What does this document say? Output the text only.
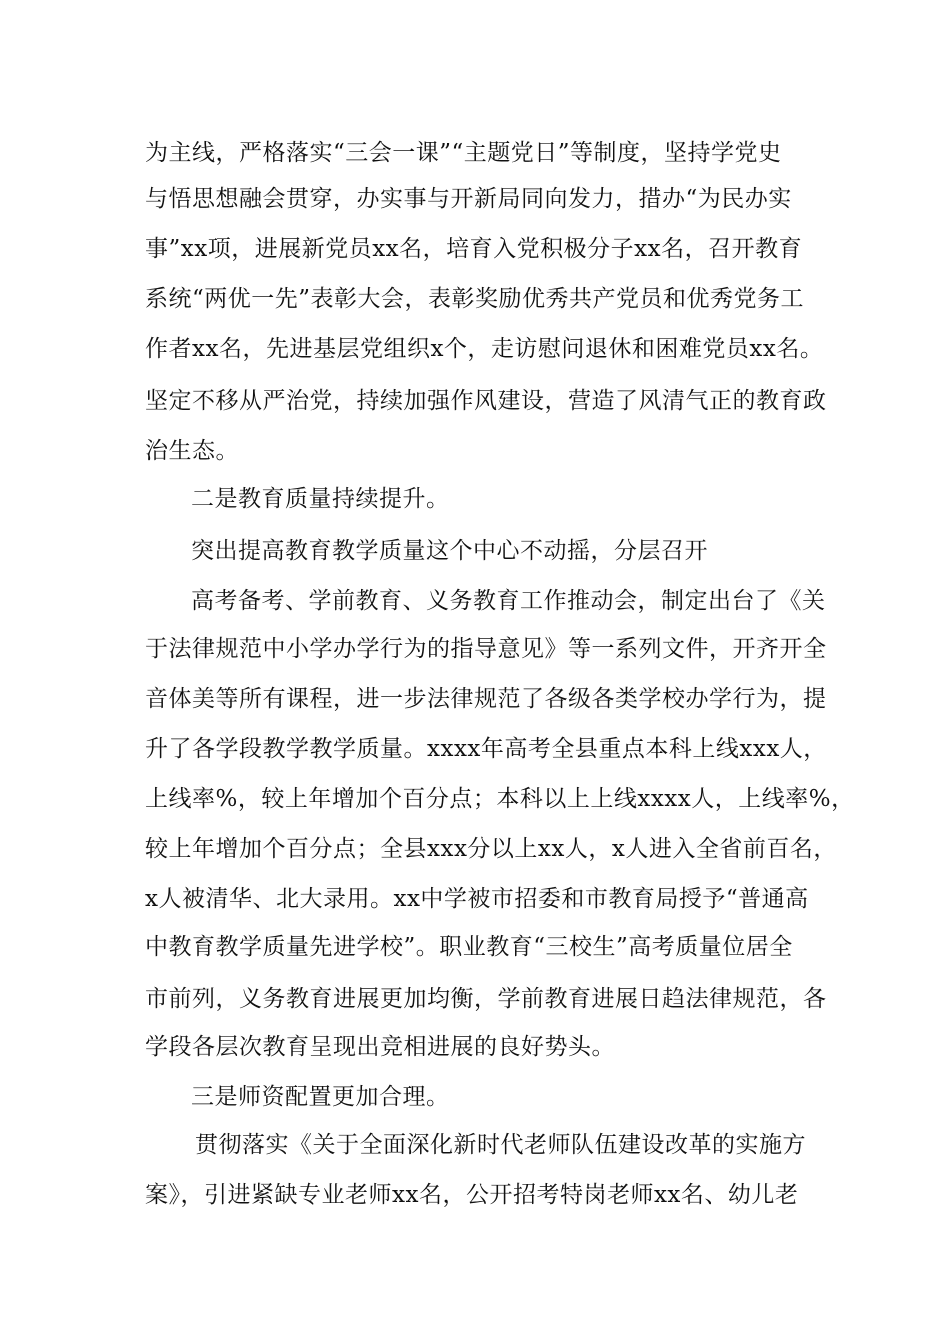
为主线，严格落实“三会一课”“主题党日”等制度，坚持学党史
与悟思想融会贯穿，办实事与开新局同向发力，措办“为民办实
事”xx项，进展新党员xx名，培育入党积极分子xx名，召开教育
系统“两优一先”表彰大会，表彰奖励优秀共产党员和优秀党务工
作者xx名，先进基层党组织x个，走访慰问退休和困难党员xx名。
坚定不移从严治党，持续加强作风建设，营造了风清气正的教育政
治生态。
二是教育质量持续提升。
突出提高教育教学质量这个中心不动摇，分层召开
高考备考、学前教育、义务教育工作推动会，制定出台了《关
于法律规范中小学办学行为的指导意见》等一系列文件，开齐开全
音体美等所有课程，进一步法律规范了各级各类学校办学行为，提
升了各学段教学教学质量。xxxx年高考全县重点本科上线xxx人，
上线率%，较上年增加个百分点；本科以上上线xxxx人，上线率%，
较上年增加个百分点；全县xxx分以上xx人，x人进入全省前百名，
x人被清华、北大录用。xx中学被市招委和市教育局授予“普通高
中教育教学质量先进学校”。职业教育“三校生”高考质量位居全
市前列，义务教育进展更加均衡，学前教育进展日趋法律规范，各
学段各层次教育呈现出竞相进展的良好势头。
三是师资配置更加合理。
贯彻落实《关于全面深化新时代老师队伍建设改革的实施方
案》，引进紧缺专业老师xx名，公开招考特岗老师xx名、幼儿老
